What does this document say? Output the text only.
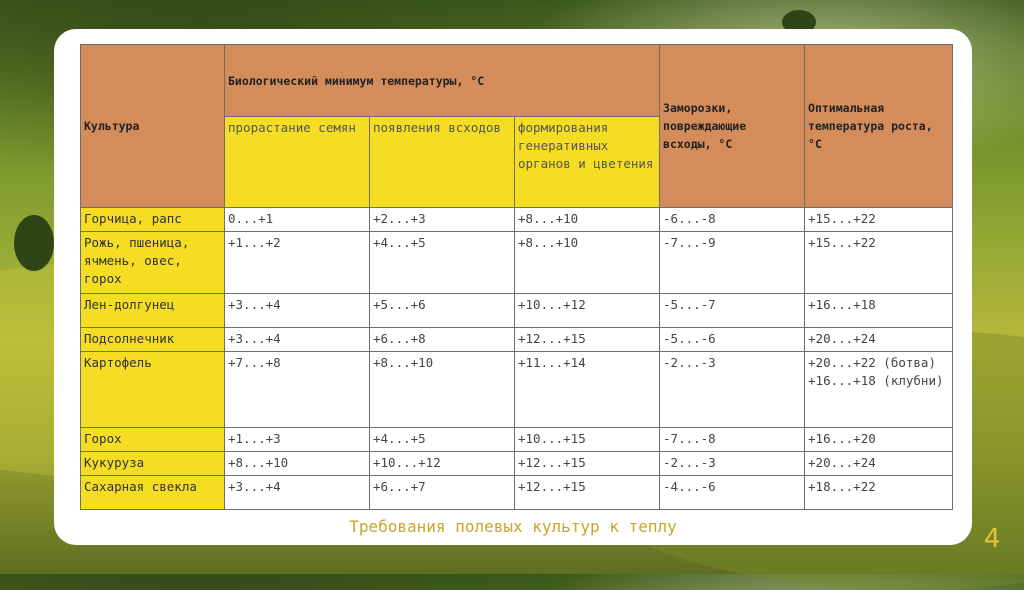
Культура	Биологический минимум температуры, °С			Заморозки, повреждающие всходы, °С	Оптимальная температура роста, °С
	прорастание семян	появления всходов	формирования генеративных органов и цветения		
Горчица, рапс	0...+1	+2...+3	+8...+10	-6...-8	+15...+22
Рожь, пшеница, ячмень, овес, горох	+1...+2	+4...+5	+8...+10	-7...-9	+15...+22
Лен-долгунец	+3...+4	+5...+6	+10...+12	-5...-7	+16...+18
Подсолнечник	+3...+4	+6...+8	+12...+15	-5...-6	+20...+24
Картофель	+7...+8	+8...+10	+11...+14	-2...-3	+20...+22 (ботва) +16...+18 (клубни)
Горох	+1...+3	+4...+5	+10...+15	-7...-8	+16...+20
Кукуруза	+8...+10	+10...+12	+12...+15	-2...-3	+20...+24
Сахарная свекла	+3...+4	+6...+7	+12...+15	-4...-6	+18...+22
Требования полевых культур к теплу	4
